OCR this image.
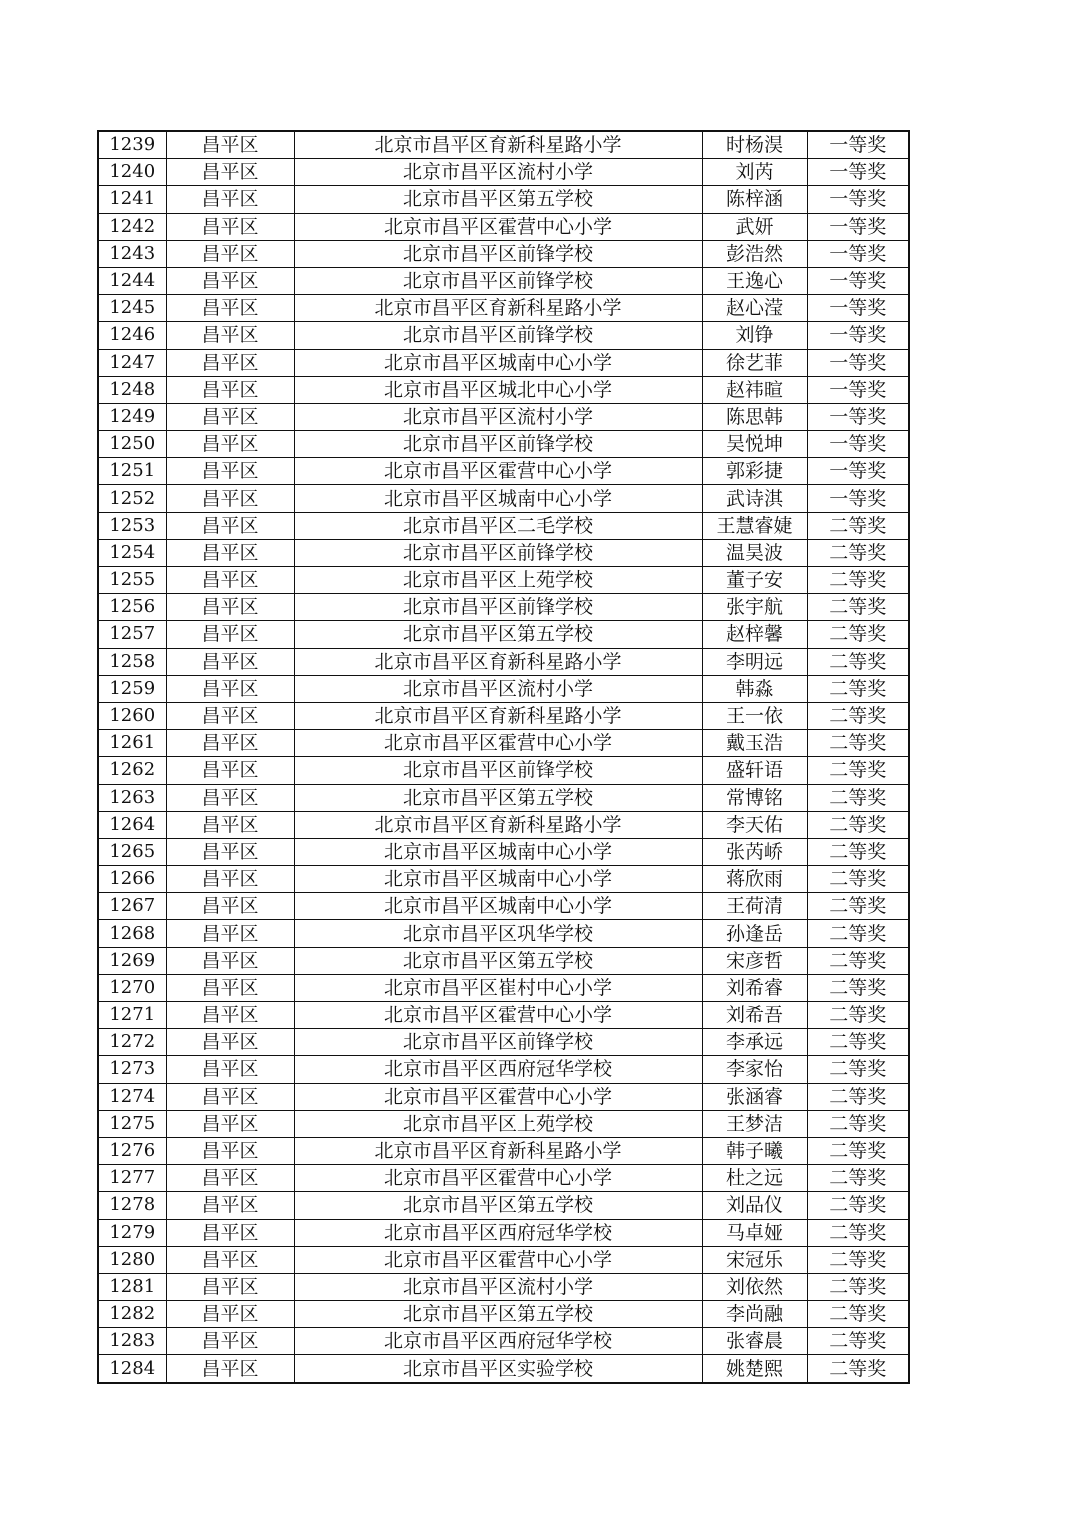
1239	昌平区	北京市昌平区育新科星路小学	时杨淏	一等奖
1240	昌平区	北京市昌平区流村小学	刘芮	一等奖
1241	昌平区	北京市昌平区第五学校	陈梓涵	一等奖
1242	昌平区	北京市昌平区霍营中心小学	武妍	一等奖
1243	昌平区	北京市昌平区前锋学校	彭浩然	一等奖
1244	昌平区	北京市昌平区前锋学校	王逸心	一等奖
1245	昌平区	北京市昌平区育新科星路小学	赵心滢	一等奖
1246	昌平区	北京市昌平区前锋学校	刘铮	一等奖
1247	昌平区	北京市昌平区城南中心小学	徐艺菲	一等奖
1248	昌平区	北京市昌平区城北中心小学	赵祎暄	一等奖
1249	昌平区	北京市昌平区流村小学	陈思韩	一等奖
1250	昌平区	北京市昌平区前锋学校	吴悦坤	一等奖
1251	昌平区	北京市昌平区霍营中心小学	郭彩捷	一等奖
1252	昌平区	北京市昌平区城南中心小学	武诗淇	一等奖
1253	昌平区	北京市昌平区二毛学校	王慧睿婕	二等奖
1254	昌平区	北京市昌平区前锋学校	温昊波	二等奖
1255	昌平区	北京市昌平区上苑学校	董子安	二等奖
1256	昌平区	北京市昌平区前锋学校	张宇航	二等奖
1257	昌平区	北京市昌平区第五学校	赵梓馨	二等奖
1258	昌平区	北京市昌平区育新科星路小学	李明远	二等奖
1259	昌平区	北京市昌平区流村小学	韩淼	二等奖
1260	昌平区	北京市昌平区育新科星路小学	王一依	二等奖
1261	昌平区	北京市昌平区霍营中心小学	戴玉浩	二等奖
1262	昌平区	北京市昌平区前锋学校	盛轩语	二等奖
1263	昌平区	北京市昌平区第五学校	常博铭	二等奖
1264	昌平区	北京市昌平区育新科星路小学	李天佑	二等奖
1265	昌平区	北京市昌平区城南中心小学	张芮峤	二等奖
1266	昌平区	北京市昌平区城南中心小学	蒋欣雨	二等奖
1267	昌平区	北京市昌平区城南中心小学	王荷清	二等奖
1268	昌平区	北京市昌平区巩华学校	孙逢岳	二等奖
1269	昌平区	北京市昌平区第五学校	宋彦哲	二等奖
1270	昌平区	北京市昌平区崔村中心小学	刘希睿	二等奖
1271	昌平区	北京市昌平区霍营中心小学	刘希吾	二等奖
1272	昌平区	北京市昌平区前锋学校	李承远	二等奖
1273	昌平区	北京市昌平区西府冠华学校	李家怡	二等奖
1274	昌平区	北京市昌平区霍营中心小学	张涵睿	二等奖
1275	昌平区	北京市昌平区上苑学校	王梦洁	二等奖
1276	昌平区	北京市昌平区育新科星路小学	韩子曦	二等奖
1277	昌平区	北京市昌平区霍营中心小学	杜之远	二等奖
1278	昌平区	北京市昌平区第五学校	刘品仪	二等奖
1279	昌平区	北京市昌平区西府冠华学校	马卓娅	二等奖
1280	昌平区	北京市昌平区霍营中心小学	宋冠乐	二等奖
1281	昌平区	北京市昌平区流村小学	刘依然	二等奖
1282	昌平区	北京市昌平区第五学校	李尚融	二等奖
1283	昌平区	北京市昌平区西府冠华学校	张睿晨	二等奖
1284	昌平区	北京市昌平区实验学校	姚楚熙	二等奖
